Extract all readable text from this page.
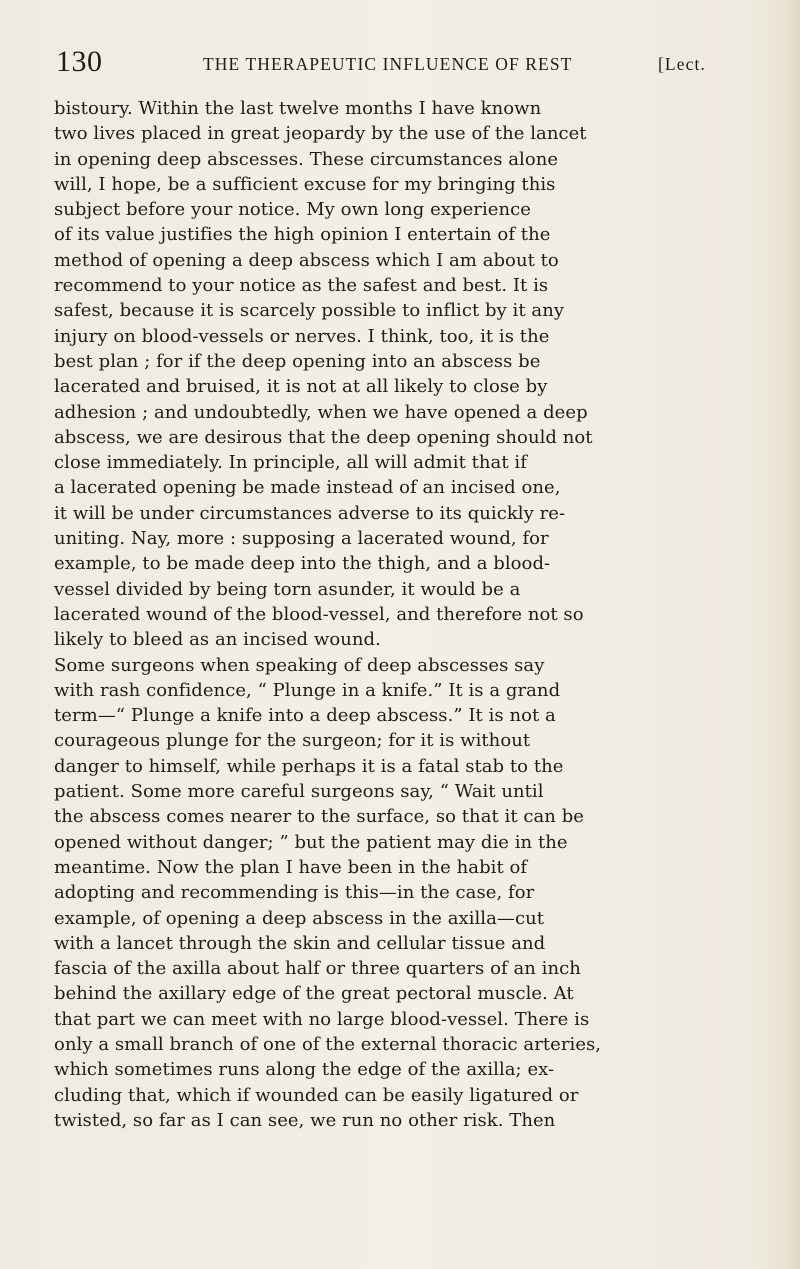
130	THE THERAPEUTIC INFLUENCE OF REST	[Lect.
bistoury. Within the last twelve months I have known
two lives placed in great jeopardy by the use of the lancet
in opening deep abscesses. These circumstances alone
will, I hope, be a sufficient excuse for my bringing this
subject before your notice. My own long experience
of its value justifies the high opinion I entertain of the
method of opening a deep abscess which I am about to
recommend to your notice as the safest and best. It is
safest, because it is scarcely possible to inflict by it any
injury on blood-vessels or nerves. I think, too, it is the
best plan ; for if the deep opening into an abscess be
lacerated and bruised, it is not at all likely to close by
adhesion ; and undoubtedly, when we have opened a deep
abscess, we are desirous that the deep opening should not
close immediately. In principle, all will admit that if
a lacerated opening be made instead of an incised one,
it will be under circumstances adverse to its quickly re-
uniting. Nay, more : supposing a lacerated wound, for
example, to be made deep into the thigh, and a blood-
vessel divided by being torn asunder, it would be a
lacerated wound of the blood-vessel, and therefore not so
likely to bleed as an incised wound.
Some surgeons when speaking of deep abscesses say
with rash confidence, “ Plunge in a knife.” It is a grand
term—“ Plunge a knife into a deep abscess.” It is not a
courageous plunge for the surgeon; for it is without
danger to himself, while perhaps it is a fatal stab to the
patient. Some more careful surgeons say, “ Wait until
the abscess comes nearer to the surface, so that it can be
opened without danger; ” but the patient may die in the
meantime. Now the plan I have been in the habit of
adopting and recommending is this—in the case, for
example, of opening a deep abscess in the axilla—cut
with a lancet through the skin and cellular tissue and
fascia of the axilla about half or three quarters of an inch
behind the axillary edge of the great pectoral muscle. At
that part we can meet with no large blood-vessel. There is
only a small branch of one of the external thoracic arteries,
which sometimes runs along the edge of the axilla; ex-
cluding that, which if wounded can be easily ligatured or
twisted, so far as I can see, we run no other risk. Then
